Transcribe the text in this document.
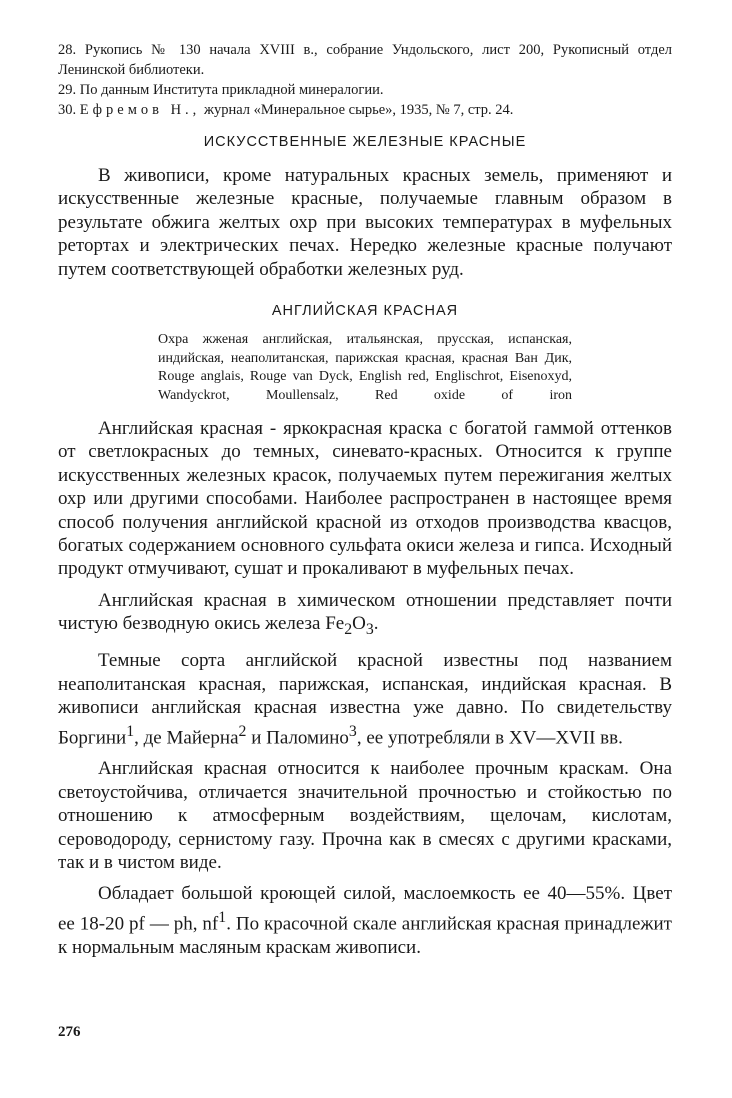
28. Рукопись № 130 начала XVIII в., собрание Ундольского, лист 200, Рукописный отдел Ленинской библиотеки.

29. По данным Института прикладной минералогии.

30. Ефремов Н., журнал «Минеральное сырье», 1935, № 7, стр. 24.

ИСКУССТВЕННЫЕ ЖЕЛЕЗНЫЕ КРАСНЫЕ

В живописи, кроме натуральных красных земель, применяют и искусственные железные красные, получаемые главным образом в результате обжига желтых охр при высоких температурах в муфельных ретортах и электрических печах. Нередко железные красные получают путем соответствующей обработки железных руд.

АНГЛИЙСКАЯ КРАСНАЯ

Охра жженая английская, итальянская, прусская, испанская, индийская, неаполитанская, парижская красная, красная Ван Дик, Rouge anglais, Rouge van Dyck, English red, Englischrot, Eisenoxyd, Wandyckrot, Moullensalz, Red oxide of iron

Английская красная - яркокрасная краска с богатой гаммой оттенков от светлокрасных до темных, синевато-красных. Относится к группе искусственных железных красок, получаемых путем пережигания желтых охр или другими способами. Наиболее распространен в настоящее время способ получения английской красной из отходов производства квасцов, богатых содержанием основного сульфата окиси железа и гипса. Исходный продукт отмучивают, сушат и прокаливают в муфельных печах.

Английская красная в химическом отношении представляет почти чистую безводную окись железа $Fe_2O_3$.

Темные сорта английской красной известны под названием неаполитанская красная, парижская, испанская, индийская красная. В живописи английская красная известна уже давно. По свидетельству Боргини$^1$, де Майерна$^2$ и Паломино$^3$, ее употребляли в XV—XVII вв.

Английская красная относится к наиболее прочным краскам. Она светоустойчива, отличается значительной прочностью и стойкостью по отношению к атмосферным воздействиям, щелочам, кислотам, сероводороду, сернистому газу. Прочна как в смесях с другими красками, так и в чистом виде.

Обладает большой кроющей силой, маслоемкость ее 40—55%. Цвет ее 18-20 pf — ph, $nf^1$. По красочной скале английская красная принадлежит к нормальным масляным краскам живописи.

276
